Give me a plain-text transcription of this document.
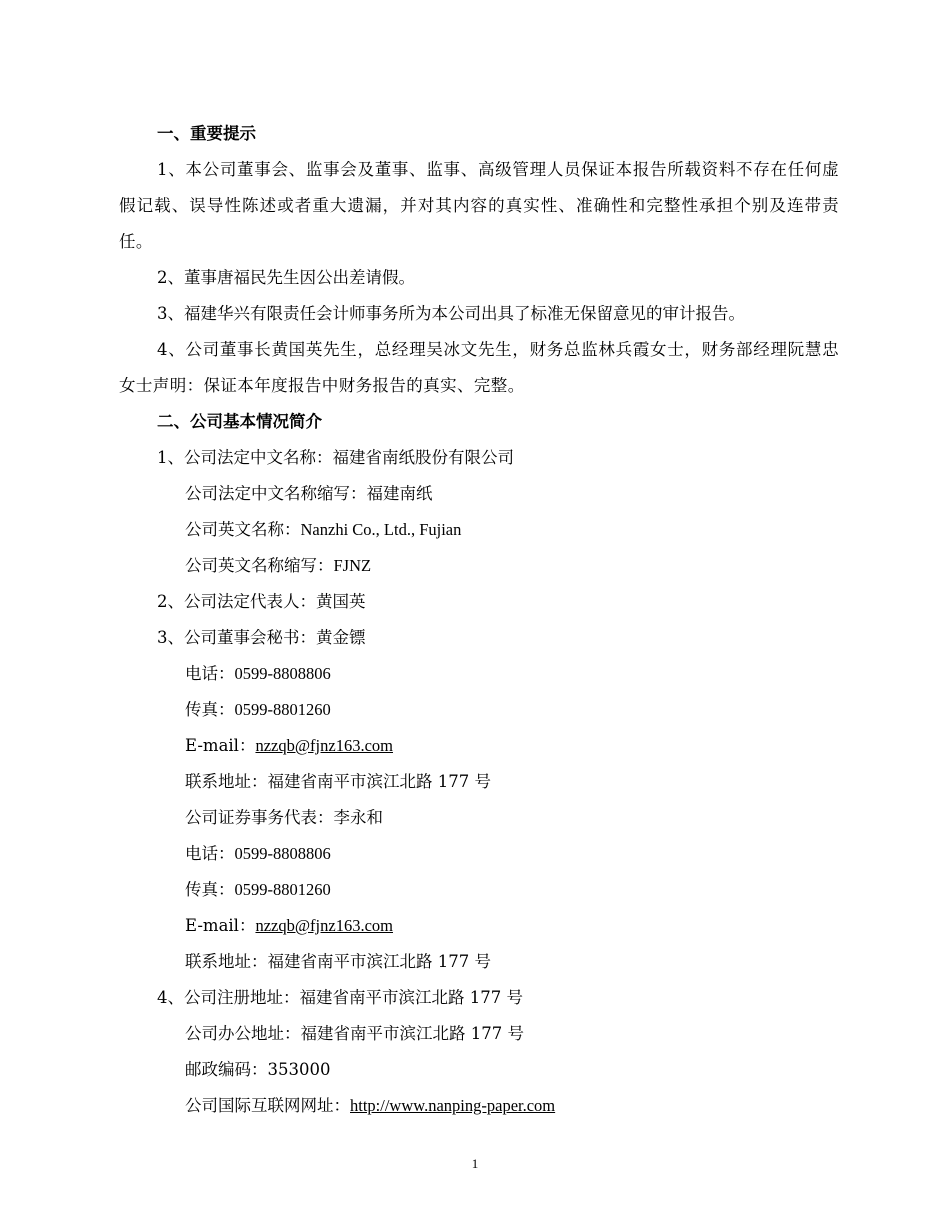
一、重要提示
1、本公司董事会、监事会及董事、监事、高级管理人员保证本报告所载资料不存在任何虚假记载、误导性陈述或者重大遗漏，并对其内容的真实性、准确性和完整性承担个别及连带责任。
2、董事唐福民先生因公出差请假。
3、福建华兴有限责任会计师事务所为本公司出具了标准无保留意见的审计报告。
4、公司董事长黄国英先生，总经理吴冰文先生，财务总监林兵霞女士，财务部经理阮慧忠女士声明：保证本年度报告中财务报告的真实、完整。
二、公司基本情况简介
1、公司法定中文名称：福建省南纸股份有限公司
公司法定中文名称缩写：福建南纸
公司英文名称：Nanzhi Co., Ltd., Fujian
公司英文名称缩写：FJNZ
2、公司法定代表人：黄国英
3、公司董事会秘书：黄金镖
电话：0599-8808806
传真：0599-8801260
E-mail：nzzqb@fjnz163.com
联系地址：福建省南平市滨江北路 177 号
公司证券事务代表：李永和
电话：0599-8808806
传真：0599-8801260
E-mail：nzzqb@fjnz163.com
联系地址：福建省南平市滨江北路 177 号
4、公司注册地址：福建省南平市滨江北路 177 号
公司办公地址：福建省南平市滨江北路 177 号
邮政编码：353000
公司国际互联网网址：http://www.nanping-paper.com
1
